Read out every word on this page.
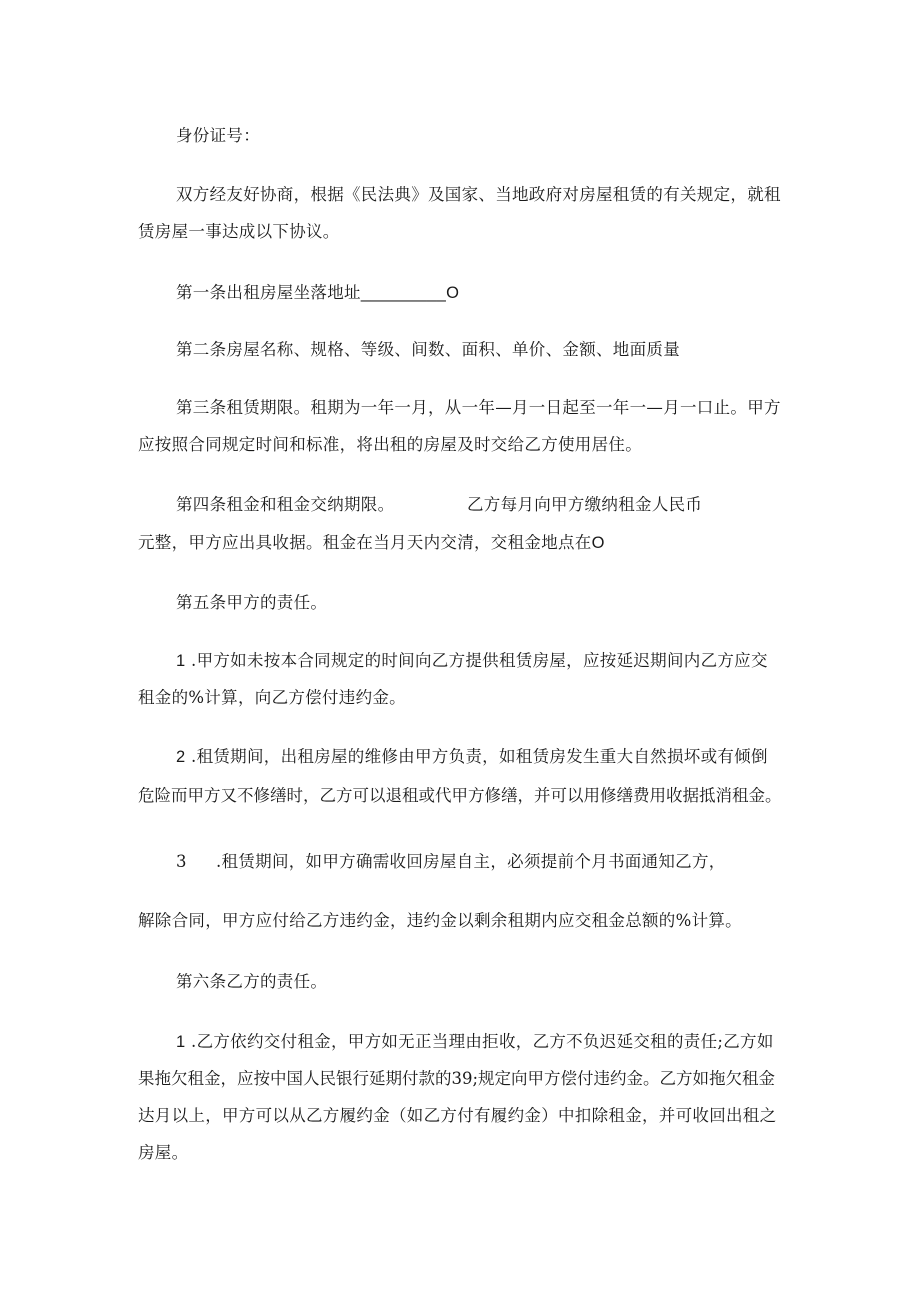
身份证号：
双方经友好协商，根据《民法典》及国家、当地政府对房屋租赁的有关规定，就租
赁房屋一事达成以下协议。
第一条出租房屋坐落地址_________O
第二条房屋名称、规格、等级、间数、面积、单价、金额、地面质量
第三条租赁期限。租期为一年一月，从一年—月一日起至一年一—月一口止。甲方
应按照合同规定时间和标准，将出租的房屋及时交给乙方使用居住。
第四条租金和租金交纳期限。	乙方每月向甲方缴纳租金人民币
元整，甲方应出具收据。租金在当月天内交清，交租金地点在O
第五条甲方的责任。
1 .甲方如未按本合同规定的时间向乙方提供租赁房屋，应按延迟期间内乙方应交
租金的%计算，向乙方偿付违约金。
2 .租赁期间，出租房屋的维修由甲方负责，如租赁房发生重大自然损坏或有倾倒
危险而甲方又不修缮时，乙方可以退租或代甲方修缮，并可以用修缮费用收据抵消租金。
3 .租赁期间，如甲方确需收回房屋自主，必须提前个月书面通知乙方，
解除合同，甲方应付给乙方违约金，违约金以剩余租期内应交租金总额的%计算。
第六条乙方的责任。
1 .乙方依约交付租金，甲方如无正当理由拒收，乙方不负迟延交租的责任;乙方如
果拖欠租金，应按中国人民银行延期付款的39;规定向甲方偿付违约金。乙方如拖欠租金
达月以上，甲方可以从乙方履约金（如乙方付有履约金）中扣除租金，并可收回出租之
房屋。
